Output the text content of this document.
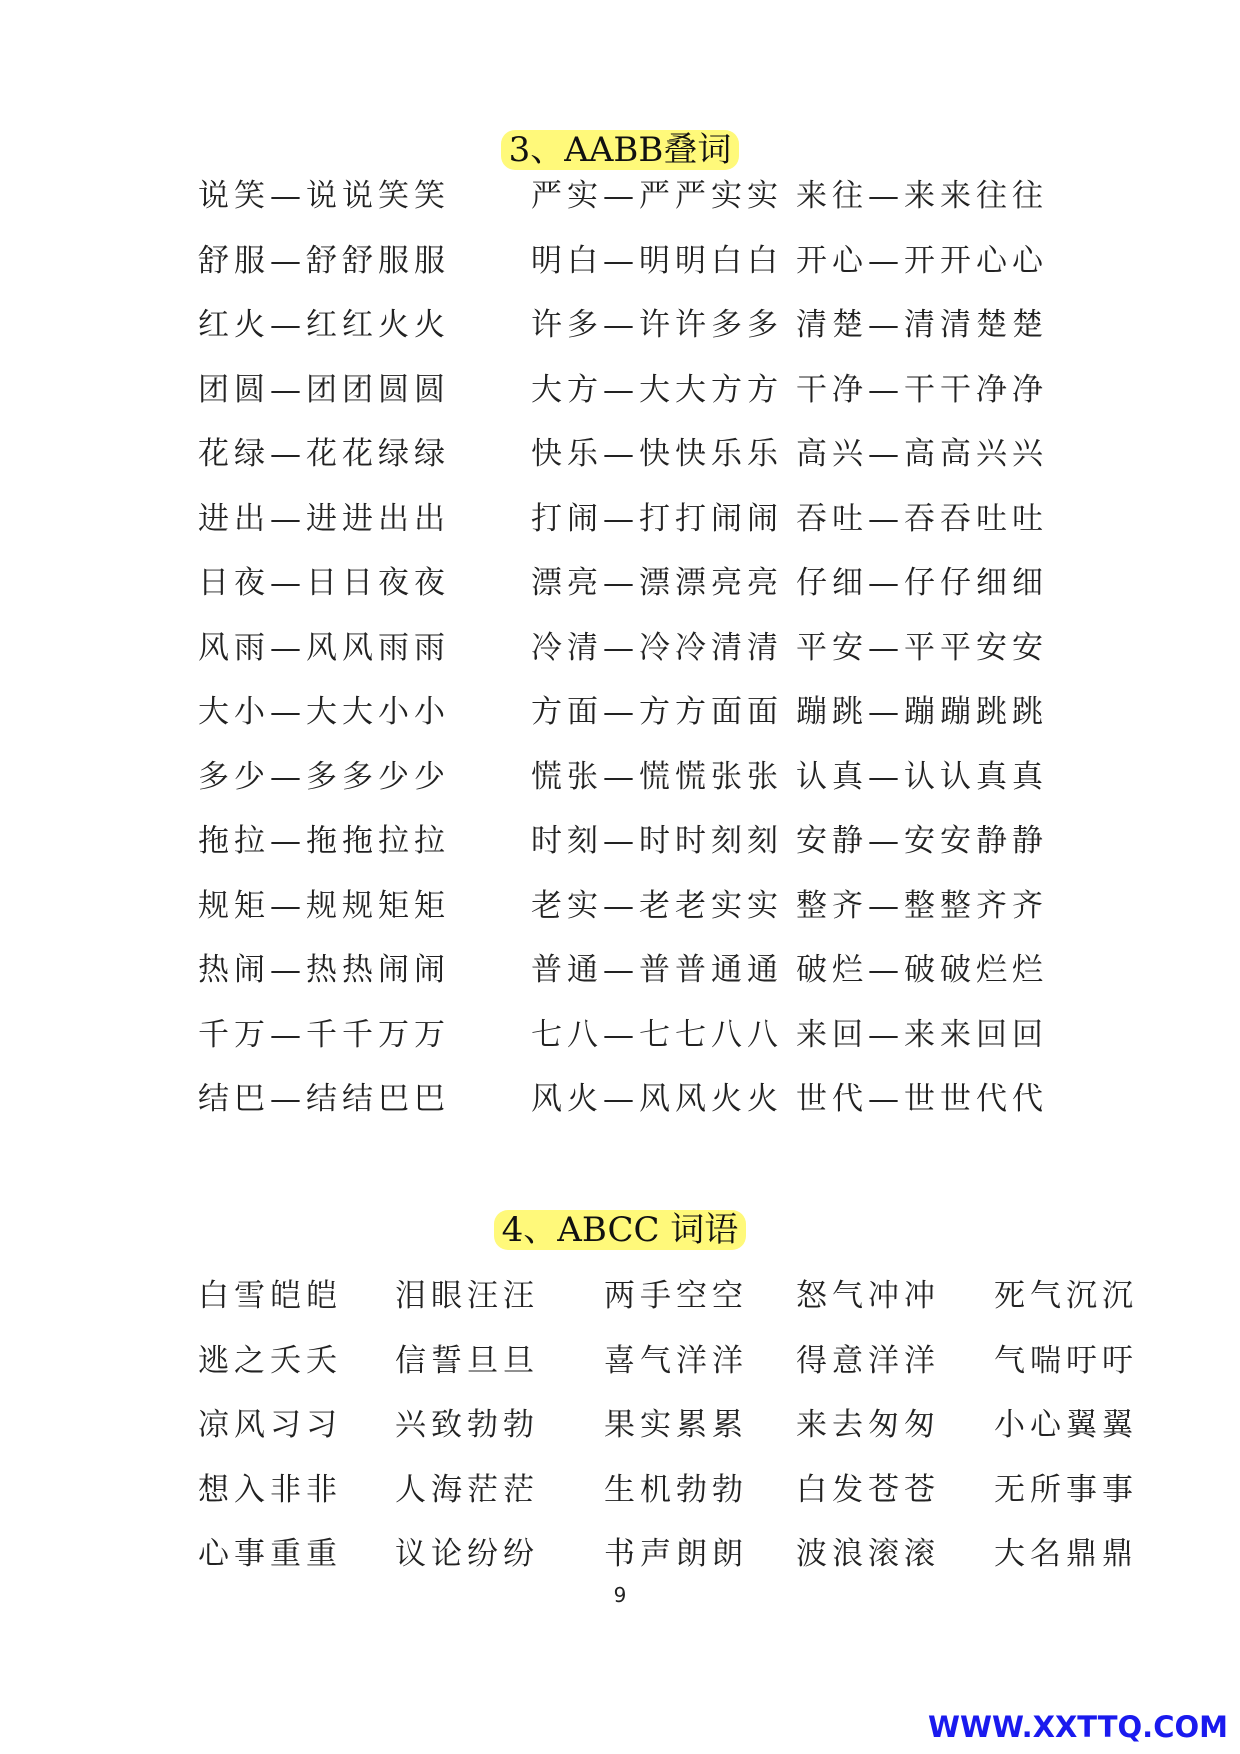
3、AABB叠词
说笑—说说笑笑	严实—严严实实 来往—来来往往
舒服—舒舒服服	明白—明明白白 开心—开开心心
红火—红红火火	许多—许许多多 清楚—清清楚楚
团圆—团团圆圆	大方—大大方方 干净—干干净净
花绿—花花绿绿	快乐—快快乐乐 高兴—高高兴兴
进出—进进出出	打闹—打打闹闹 吞吐—吞吞吐吐
日夜—日日夜夜	漂亮—漂漂亮亮 仔细—仔仔细细
风雨—风风雨雨	冷清—冷冷清清 平安—平平安安
大小—大大小小	方面—方方面面 蹦跳—蹦蹦跳跳
多少—多多少少	慌张—慌慌张张 认真—认认真真
拖拉—拖拖拉拉	时刻—时时刻刻 安静—安安静静
规矩—规规矩矩	老实—老老实实 整齐—整整齐齐
热闹—热热闹闹	普通—普普通通 破烂—破破烂烂
千万—千千万万	七八—七七八八 来回—来来回回
结巴—结结巴巴	风火—风风火火 世代—世世代代
4、ABCC 词语
白雪皑皑	泪眼汪汪	两手空空	怒气冲冲	死气沉沉
逃之夭夭	信誓旦旦	喜气洋洋	得意洋洋	气喘吁吁
凉风习习	兴致勃勃	果实累累	来去匆匆	小心翼翼
想入非非	人海茫茫	生机勃勃	白发苍苍	无所事事
心事重重	议论纷纷	书声朗朗	波浪滚滚	大名鼎鼎
9
WWW.XXTTQ.COM
